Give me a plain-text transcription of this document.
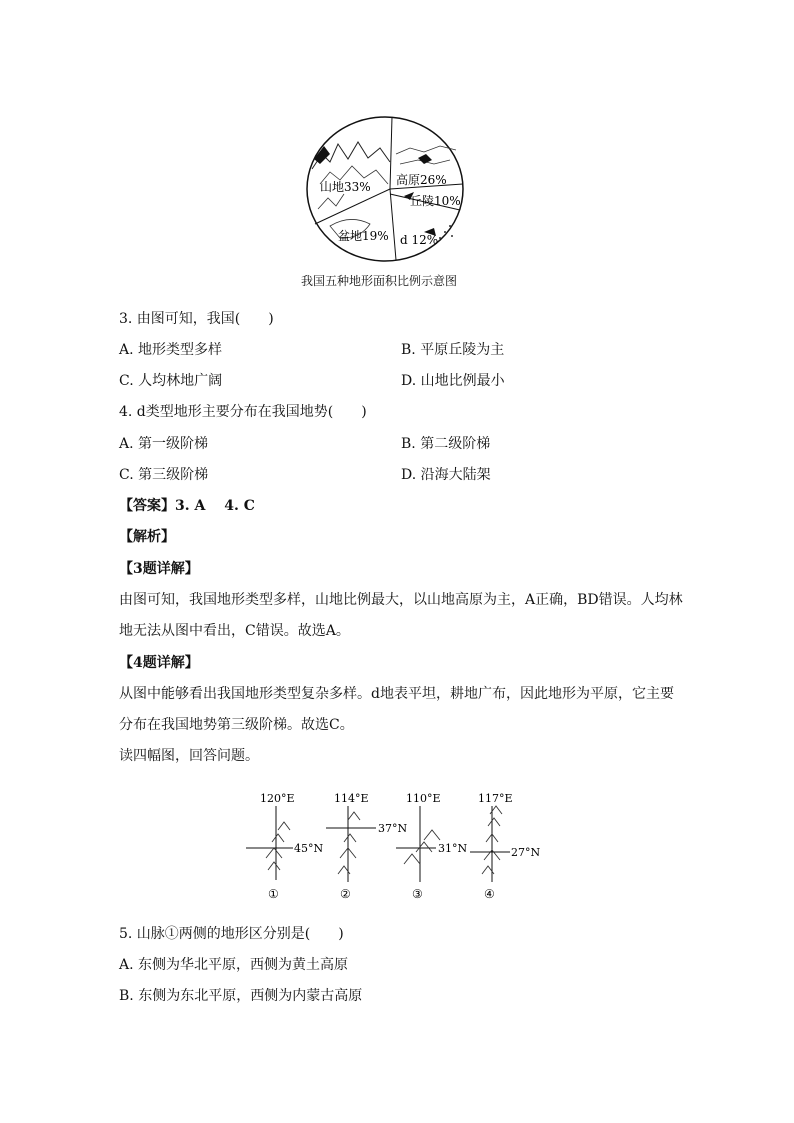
山地33% 高原26%
丘陵10%
盆地19% d 12%
我国五种地形面积比例示意图
3. 由图可知，我国(　　)
A. 地形类型多样	B. 平原丘陵为主
C. 人均林地广阔	D. 山地比例最小
4. d类型地形主要分布在我国地势(　　)
A. 第一级阶梯	B. 第二级阶梯
C. 第三级阶梯	D. 沿海大陆架
【答案】3. A　 4. C
【解析】
【3题详解】
由图可知，我国地形类型多样，山地比例最大，以山地高原为主，A正确，BD错误。人均林
地无法从图中看出，C错误。故选A。
【4题详解】
从图中能够看出我国地形类型复杂多样。d地表平坦，耕地广布，因此地形为平原，它主要
分布在我国地势第三级阶梯。故选C。
读四幅图，回答问题。
120°E
45°N
①
114°E
37°N
②
110°E
31°N
③
117°E
27°N
④
5. 山脉①两侧的地形区分别是(　　)
A. 东侧为华北平原，西侧为黄土高原
B. 东侧为东北平原，西侧为内蒙古高原
